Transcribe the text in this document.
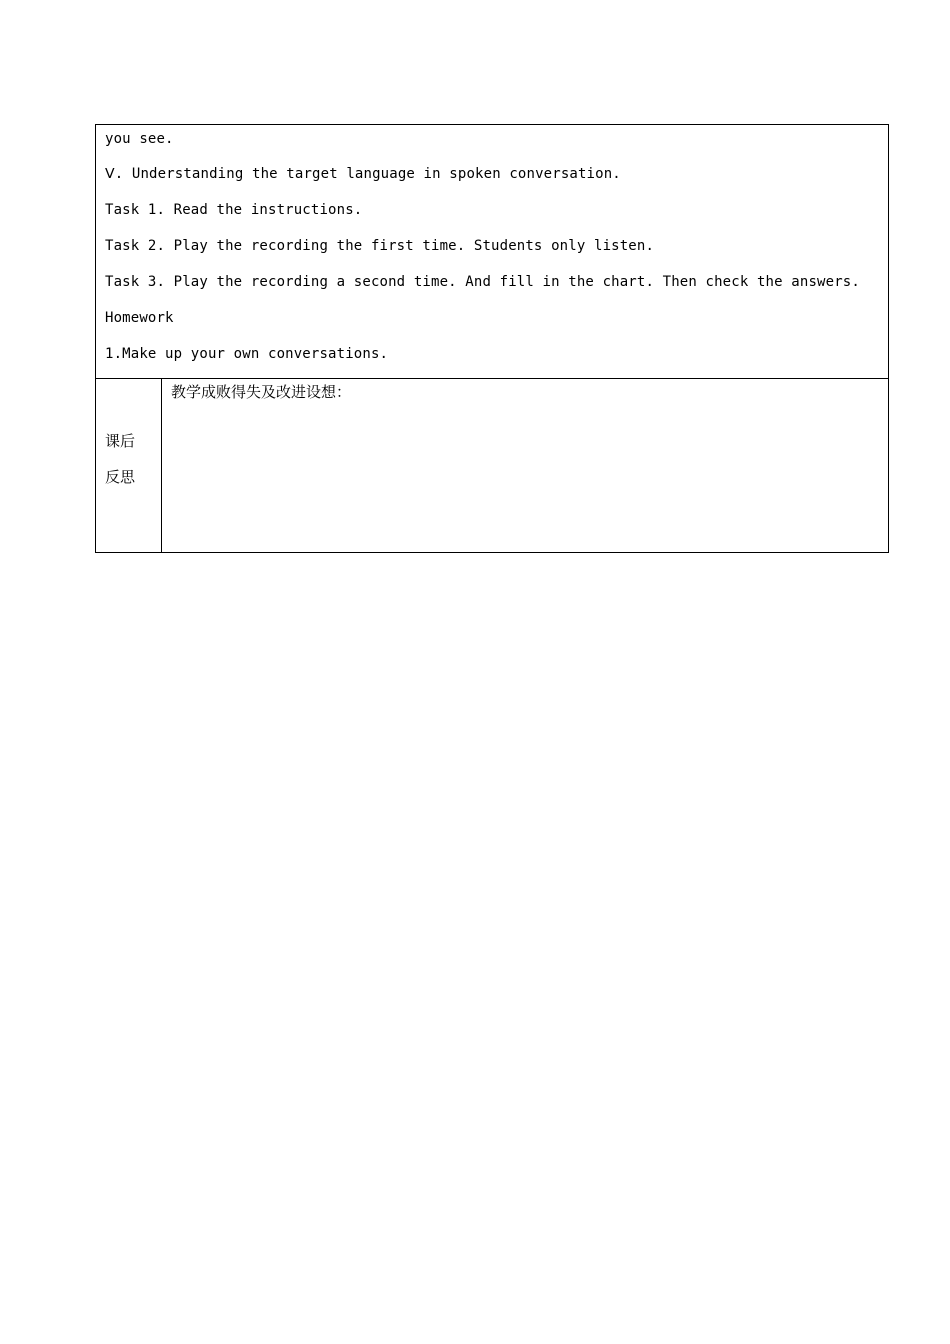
you see.
Ⅴ. Understanding the target language in spoken conversation.
Task 1. Read the instructions.
Task 2. Play the recording the first time. Students only listen.
Task 3. Play the recording a second time. And fill in the chart. Then check the answers.
Homework
1.Make up your own conversations.
课后
反思
教学成败得失及改进设想：
